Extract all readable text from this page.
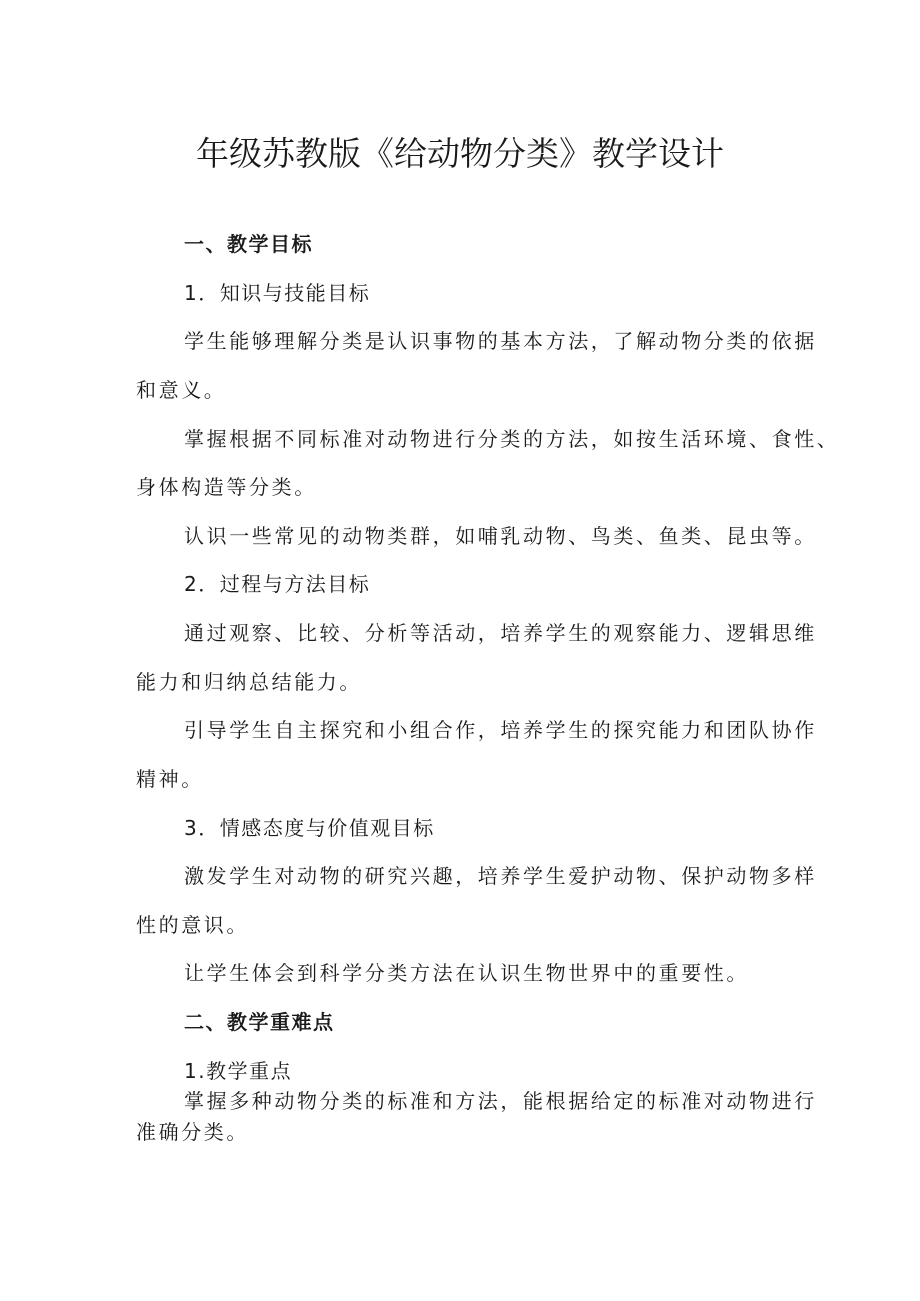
年级苏教版《给动物分类》教学设计

一、教学目标

1．知识与技能目标

学生能够理解分类是认识事物的基本方法，了解动物分类的依据

和意义。

掌握根据不同标准对动物进行分类的方法，如按生活环境、食性、

身体构造等分类。

认识一些常见的动物类群，如哺乳动物、鸟类、鱼类、昆虫等。

2．过程与方法目标

通过观察、比较、分析等活动，培养学生的观察能力、逻辑思维

能力和归纳总结能力。

引导学生自主探究和小组合作，培养学生的探究能力和团队协作

精神。

3．情感态度与价值观目标

激发学生对动物的研究兴趣，培养学生爱护动物、保护动物多样

性的意识。

让学生体会到科学分类方法在认识生物世界中的重要性。

二、教学重难点

1.教学重点

掌握多种动物分类的标准和方法，能根据给定的标准对动物进行

准确分类。
